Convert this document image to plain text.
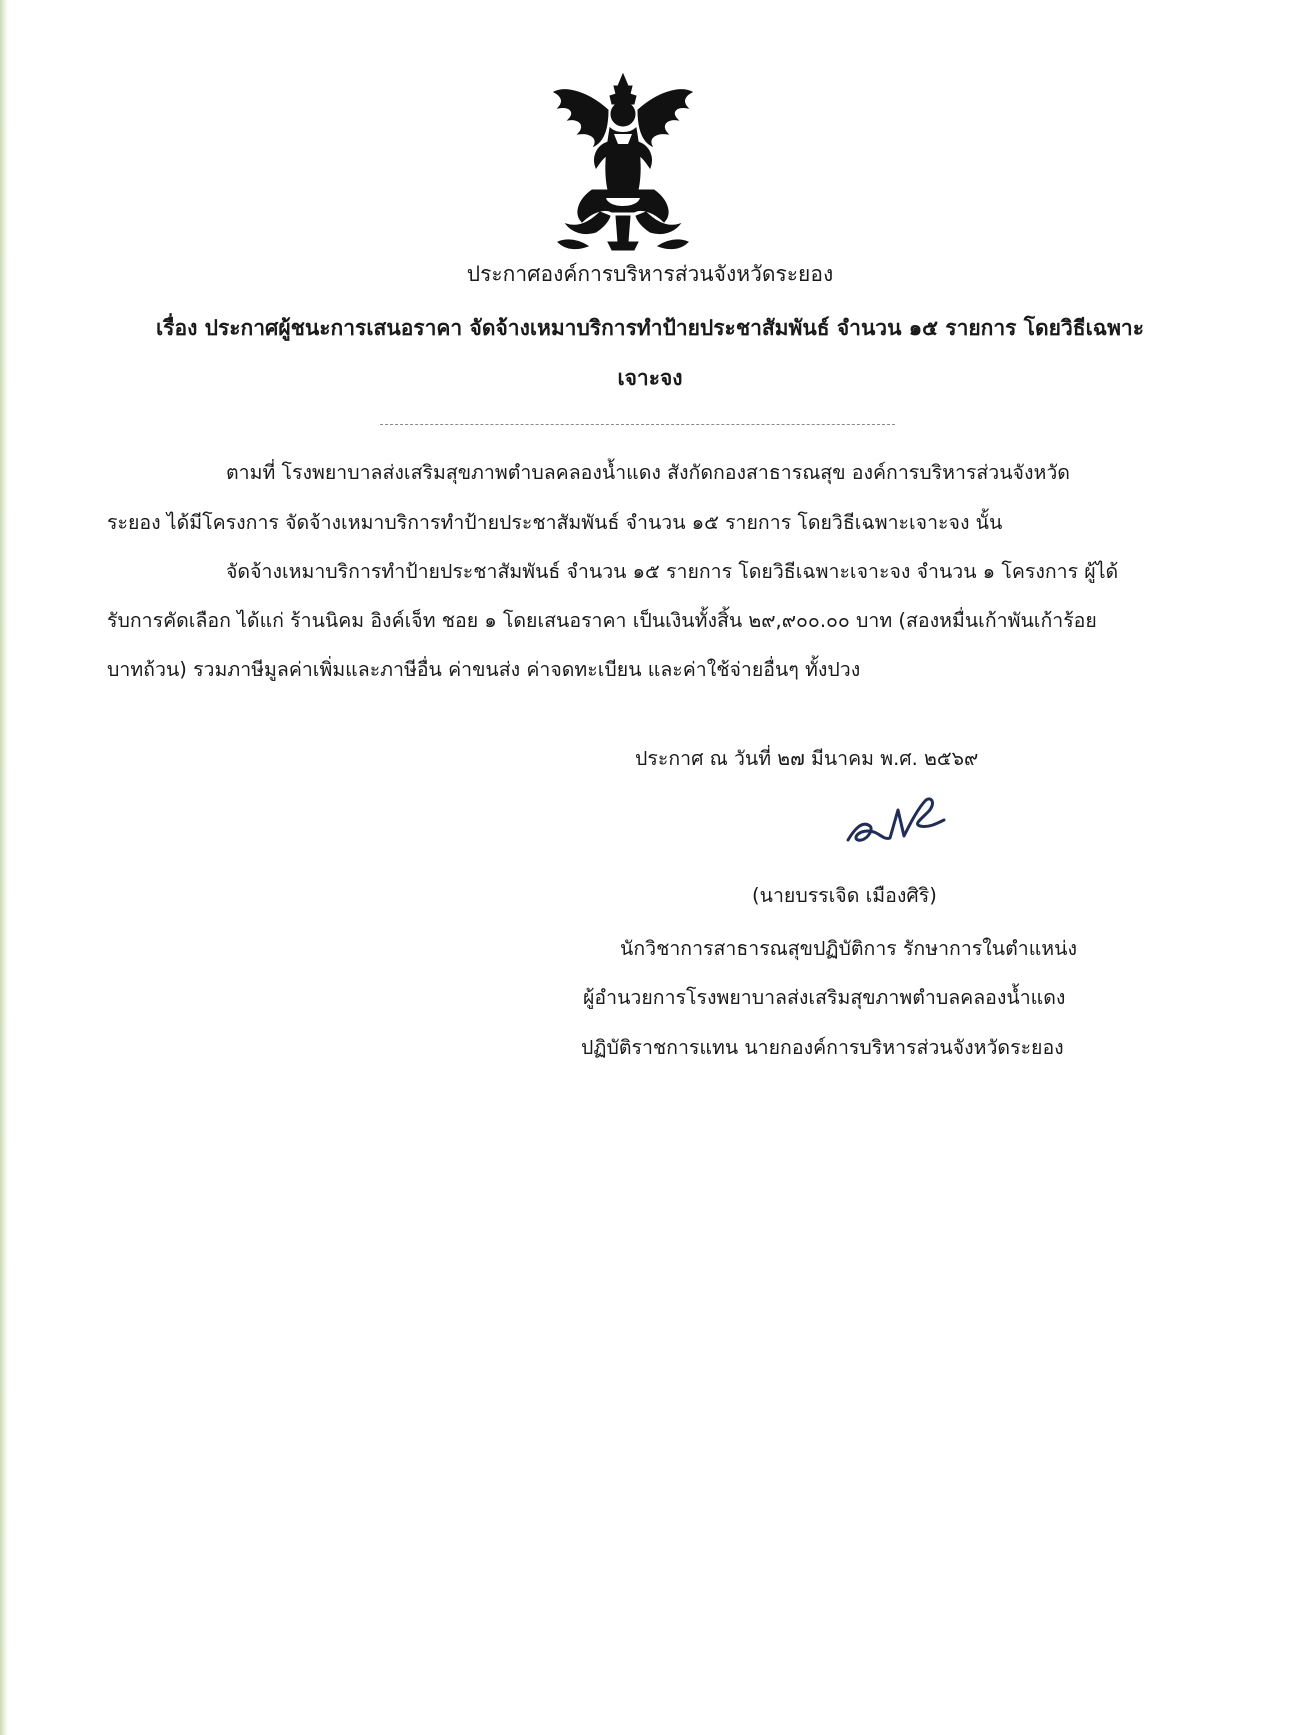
ประกาศองค์การบริหารส่วนจังหวัดระยอง
เรื่อง ประกาศผู้ชนะการเสนอราคา จัดจ้างเหมาบริการทำป้ายประชาสัมพันธ์ จำนวน ๑๕ รายการ โดยวิธีเฉพาะ
เจาะจง
ตามที่ โรงพยาบาลส่งเสริมสุขภาพตำบลคลองน้ำแดง สังกัดกองสาธารณสุข องค์การบริหารส่วนจังหวัด
ระยอง ได้มีโครงการ จัดจ้างเหมาบริการทำป้ายประชาสัมพันธ์ จำนวน ๑๕ รายการ โดยวิธีเฉพาะเจาะจง นั้น
จัดจ้างเหมาบริการทำป้ายประชาสัมพันธ์ จำนวน ๑๕ รายการ โดยวิธีเฉพาะเจาะจง จำนวน ๑ โครงการ ผู้ได้
รับการคัดเลือก ได้แก่ ร้านนิคม อิงค์เจ็ท ชอย ๑ โดยเสนอราคา เป็นเงินทั้งสิ้น ๒๙,๙๐๐.๐๐ บาท (สองหมื่นเก้าพันเก้าร้อย
บาทถ้วน) รวมภาษีมูลค่าเพิ่มและภาษีอื่น ค่าขนส่ง ค่าจดทะเบียน และค่าใช้จ่ายอื่นๆ ทั้งปวง
ประกาศ ณ วันที่ ๒๗ มีนาคม พ.ศ. ๒๕๖๙
(นายบรรเจิด เมืองศิริ)
นักวิชาการสาธารณสุขปฏิบัติการ รักษาการในตำแหน่ง
ผู้อำนวยการโรงพยาบาลส่งเสริมสุขภาพตำบลคลองน้ำแดง
ปฏิบัติราชการแทน นายกองค์การบริหารส่วนจังหวัดระยอง
